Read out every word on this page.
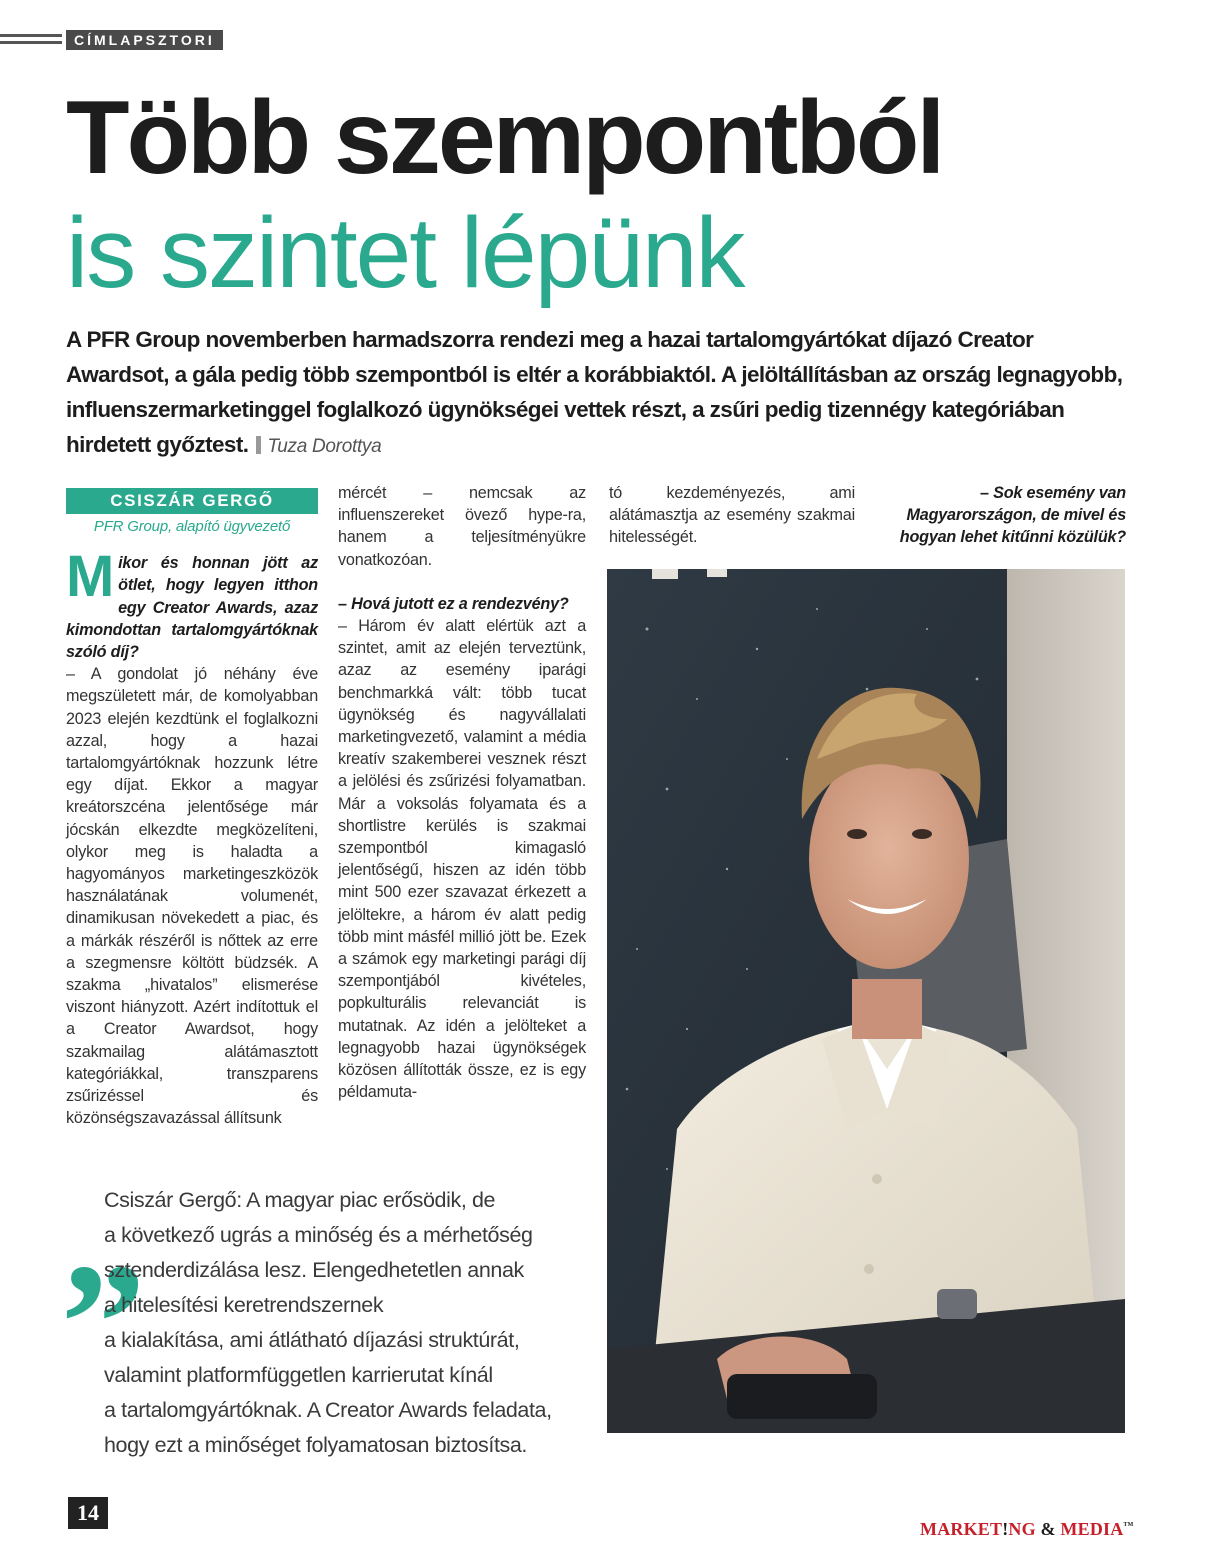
CÍMLAPSZTORI
Több szempontból
is szintet lépünk

A PFR Group novemberben harmadszorra rendezi meg a hazai tartalomgyártókat díjazó Creator Awardsot, a gála pedig több szempontból is eltér a korábbiaktól. A jelöltállításban az ország legnagyobb, influenszermarketinggel foglalkozó ügynökségei vettek részt, a zsűri pedig tizennégy kategóriában hirdetett győztest. Tuza Dorottya

CSISZÁR GERGŐ
PFR Group, alapító ügyvezető

Mikor és honnan jött az ötlet, hogy legyen itthon egy Creator Awards, azaz kimondottan tartalomgyártóknak szóló díj?

– A gondolat jó néhány éve megszületett már, de komolyabban 2023 elején kezdtünk el foglalkozni azzal, hogy a hazai tartalomgyártóknak hozzunk létre egy díjat. Ekkor a magyar kreátorszcéna jelentősége már jócskán elkezdte megközelíteni, olykor meg is haladta a hagyományos marketingeszközök használatának volumenét, dinamikusan növekedett a piac, és a márkák részéről is nőttek az erre a szegmensre költött büdzsék. A szakma „hivatalos” elismerése viszont hiányzott. Azért indítottuk el a Creator Awardsot, hogy szakmailag alátámasztott kategóriákkal, transzparens zsűrizéssel és közönségszavazással állítsunk

mércét – nemcsak az influenszereket övező hype-ra, hanem a teljesítményükre vonatkozóan.

– Hová jutott ez a rendezvény?

– Három év alatt elértük azt a szintet, amit az elején terveztünk, azaz az esemény iparági benchmarkká vált: több tucat ügynökség és nagyvállalati marketingvezető, valamint a média kreatív szakemberei vesznek részt a jelölési és zsűrizési folyamatban. Már a voksolás folyamata és a shortlistre kerülés is szakmai szempontból kimagasló jelentőségű, hiszen az idén több mint 500 ezer szavazat érkezett a jelöltekre, a három év alatt pedig több mint másfél millió jött be. Ezek a számok egy marketingi parági díj szempontjából kivételes, popkulturális relevanciát is mutatnak. Az idén a jelölteket a legnagyobb hazai ügynökségek közösen állították össze, ez is egy példamuta-

tó kezdeményezés, ami alátámasztja az esemény szakmai hitelességét.

– Sok esemény van Magyarországon, de mivel és hogyan lehet kitűnni közülük?

„
Csiszár Gergő: A magyar piac erősödik, de
a következő ugrás a minőség és a mérhetőség
sztenderdizálása lesz. Elengedhetetlen annak
a hitelesítési keretrendszernek
a kialakítása, ami átlátható díjazási struktúrát,
valamint platformfüggetlen karrierutat kínál
a tartalomgyártóknak. A Creator Awards feladata,
hogy ezt a minőséget folyamatosan biztosítsa.
14
MARKET!NG & MEDIA™
